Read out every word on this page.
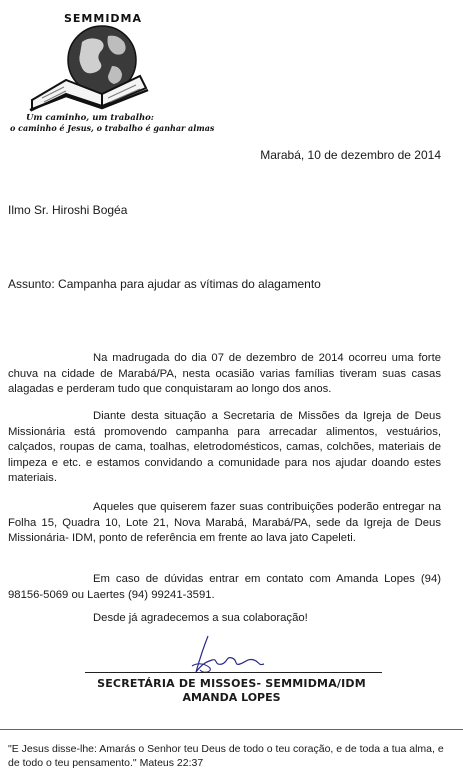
SEMMIDMA
Um caminho, um trabalho:
o caminho é Jesus, o trabalho é ganhar almas
Marabá, 10 de dezembro de 2014
Ilmo Sr. Hiroshi Bogéa
Assunto: Campanha para ajudar as vítimas do alagamento

Na madrugada do dia 07 de dezembro de 2014 ocorreu uma forte chuva na cidade de Marabá/PA, nesta ocasião varias famílias tiveram suas casas alagadas e perderam tudo que conquistaram ao longo dos anos.

Diante desta situação a Secretaria de Missões da Igreja de Deus Missionária está promovendo campanha para arrecadar alimentos, vestuários, calçados, roupas de cama, toalhas, eletrodomésticos, camas, colchões, materiais de limpeza e etc. e estamos convidando a comunidade para nos ajudar doando estes materiais.

Aqueles que quiserem fazer suas contribuições poderão entregar na Folha 15, Quadra 10, Lote 21, Nova Marabá, Marabá/PA, sede da Igreja de Deus Missionária- IDM, ponto de referência em frente ao lava jato Capeleti.

Em caso de dúvidas entrar em contato com Amanda Lopes (94) 98156-5069 ou Laertes (94) 99241-3591.

Desde já agradecemos a sua colaboração!
SECRETÁRIA DE MISSOES- SEMMIDMA/IDM
AMANDA LOPES

"E Jesus disse-lhe: Amarás o Senhor teu Deus de todo o teu coração, e de toda a tua alma, e de todo o teu pensamento." Mateus 22:37
